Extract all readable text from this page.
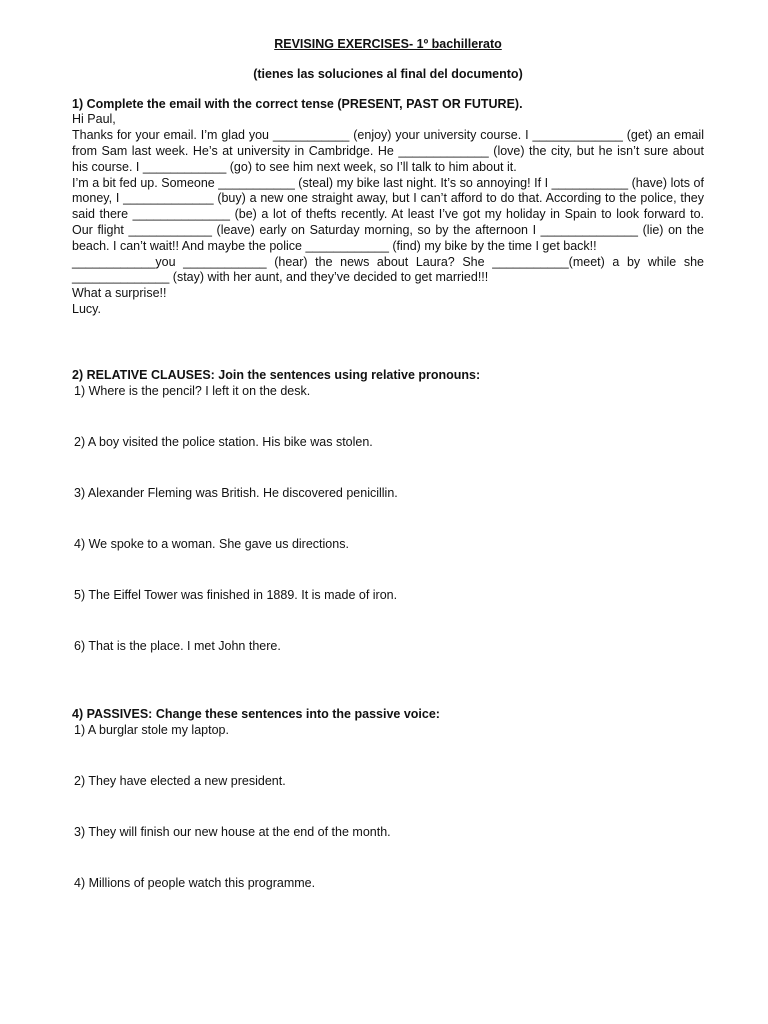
REVISING EXERCISES- 1º bachillerato

(tienes las soluciones al final del documento)

1) Complete the email with the correct tense (PRESENT, PAST OR FUTURE).

Hi Paul,

Thanks for your email. I’m glad you ___________ (enjoy) your university course. I _____________ (get) an email from Sam last week. He’s at university in Cambridge. He _____________ (love) the city, but he isn’t sure about his course. I ____________ (go) to see him next week, so I’ll talk to him about it.

I’m a bit fed up. Someone ___________ (steal) my bike last night. It’s so annoying! If I ___________ (have) lots of money, I _____________ (buy) a new one straight away, but I can’t afford to do that. According to the police, they said there ______________ (be) a lot of thefts recently. At least I’ve got my holiday in Spain to look forward to. Our flight ____________ (leave) early on Saturday morning, so by the afternoon I ______________ (lie) on the beach. I can’t wait!! And maybe the police ____________ (find) my bike by the time I get back!!

____________you ____________ (hear) the news about Laura? She ___________(meet) a by while she ______________ (stay) with her aunt, and they’ve decided to get married!!!

What a surprise!!

Lucy.

2) RELATIVE CLAUSES: Join the sentences using relative pronouns:

1) Where is the pencil? I left it on the desk.

2) A boy visited the police station. His bike was stolen.

3) Alexander Fleming was British. He discovered penicillin.

4) We spoke to a woman. She gave us directions.

5) The Eiffel Tower was finished in 1889. It is made of iron.

6) That is the place. I met John there.

4) PASSIVES: Change these sentences into the passive voice:

1) A burglar stole my laptop.

2) They have elected a new president.

3) They will finish our new house at the end of the month.

4) Millions of people watch this programme.
